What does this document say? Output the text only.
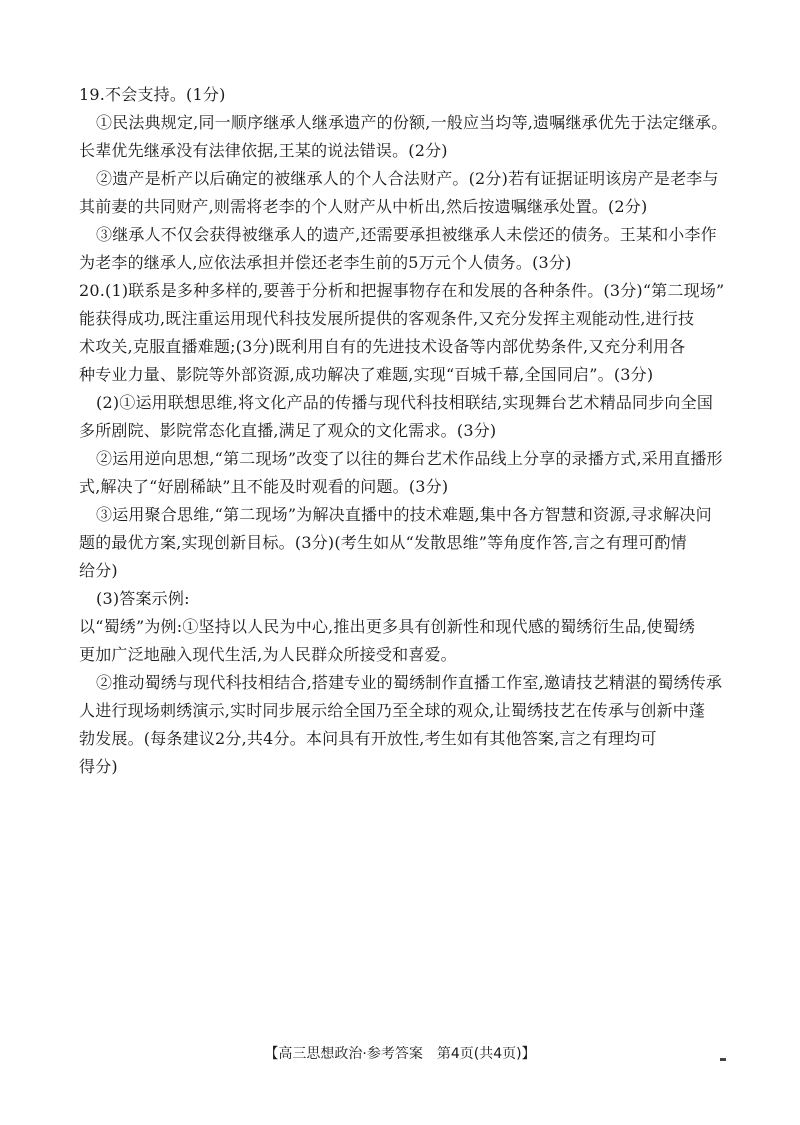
19.不会支持。(1分)
①民法典规定,同一顺序继承人继承遗产的份额,一般应当均等,遗嘱继承优先于法定继承。
长辈优先继承没有法律依据,王某的说法错误。(2分)
②遗产是析产以后确定的被继承人的个人合法财产。(2分)若有证据证明该房产是老李与
其前妻的共同财产,则需将老李的个人财产从中析出,然后按遗嘱继承处置。(2分)
③继承人不仅会获得被继承人的遗产,还需要承担被继承人未偿还的债务。王某和小李作
为老李的继承人,应依法承担并偿还老李生前的5万元个人债务。(3分)
20.(1)联系是多种多样的,要善于分析和把握事物存在和发展的各种条件。(3分)“第二现场”
能获得成功,既注重运用现代科技发展所提供的客观条件,又充分发挥主观能动性,进行技
术攻关,克服直播难题;(3分)既利用自有的先进技术设备等内部优势条件,又充分利用各
种专业力量、影院等外部资源,成功解决了难题,实现“百城千幕,全国同启”。(3分)
(2)①运用联想思维,将文化产品的传播与现代科技相联结,实现舞台艺术精品同步向全国
多所剧院、影院常态化直播,满足了观众的文化需求。(3分)
②运用逆向思想,“第二现场”改变了以往的舞台艺术作品线上分享的录播方式,采用直播形
式,解决了“好剧稀缺”且不能及时观看的问题。(3分)
③运用聚合思维,“第二现场”为解决直播中的技术难题,集中各方智慧和资源,寻求解决问
题的最优方案,实现创新目标。(3分)(考生如从“发散思维”等角度作答,言之有理可酌情
给分)
(3)答案示例:
以“蜀绣”为例:①坚持以人民为中心,推出更多具有创新性和现代感的蜀绣衍生品,使蜀绣
更加广泛地融入现代生活,为人民群众所接受和喜爱。
②推动蜀绣与现代科技相结合,搭建专业的蜀绣制作直播工作室,邀请技艺精湛的蜀绣传承
人进行现场刺绣演示,实时同步展示给全国乃至全球的观众,让蜀绣技艺在传承与创新中蓬
勃发展。(每条建议2分,共4分。本问具有开放性,考生如有其他答案,言之有理均可
得分)
【高三思想政治·参考答案　第4页(共4页)】
